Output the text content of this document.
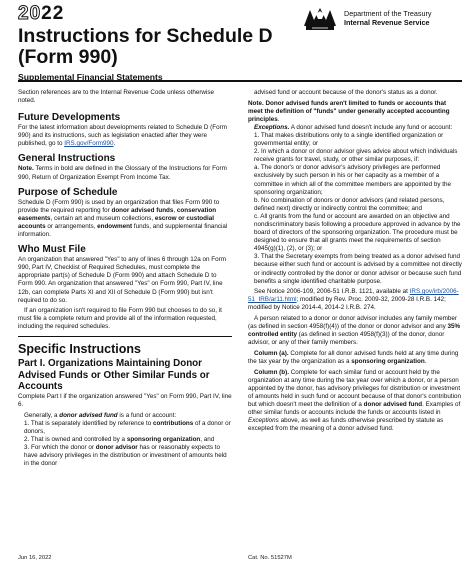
2022
Instructions for Schedule D
(Form 990)
Department of the Treasury
Internal Revenue Service
Supplemental Financial Statements

Section references are to the Internal Revenue Code unless otherwise noted.

Future Developments

For the latest information about developments related to Schedule D (Form 990) and its instructions, such as legislation enacted after they were published, go to IRS.gov/Form990.

General Instructions

Note. Terms in bold are defined in the Glossary of the Instructions for Form 990, Return of Organization Exempt From Income Tax.

Purpose of Schedule

Schedule D (Form 990) is used by an organization that files Form 990 to provide the required reporting for donor advised funds, conservation easements, certain art and museum collections, escrow or custodial accounts or arrangements, endowment funds, and supplemental financial information.

Who Must File

An organization that answered "Yes" to any of lines 6 through 12a on Form 990, Part IV, Checklist of Required Schedules, must complete the appropriate part(s) of Schedule D (Form 990) and attach Schedule D to Form 990. An organization that answered "Yes" on Form 990, Part IV, line 12b, can complete Parts XI and XII of Schedule D (Form 990) but isn't required to do so.

If an organization isn't required to file Form 990 but chooses to do so, it must file a complete return and provide all of the information requested, including the required schedules.

Specific Instructions
Part I. Organizations Maintaining Donor Advised Funds or Other Similar Funds or Accounts

Complete Part I if the organization answered "Yes" on Form 990, Part IV, line 6.

Generally, a donor advised fund is a fund or account:

1. That is separately identified by reference to contributions of a donor or donors,

2. That is owned and controlled by a sponsoring organization, and

3. For which the donor or donor advisor has or reasonably expects to have advisory privileges in the distribution or investment of amounts held in the donor

advised fund or account because of the donor's status as a donor.

Note. Donor advised funds aren't limited to funds or accounts that meet the definition of "funds" under generally accepted accounting principles.

Exceptions. A donor advised fund doesn't include any fund or account:

1. That makes distributions only to a single identified organization or governmental entity; or

2. In which a donor or donor advisor gives advice about which individuals receive grants for travel, study, or other similar purposes, if:

a. The donor's or donor advisor's advisory privileges are performed exclusively by such person in his or her capacity as a member of a committee in which all of the committee members are appointed by the sponsoring organization;

b. No combination of donors or donor advisors (and related persons, defined next) directly or indirectly control the committee; and

c. All grants from the fund or account are awarded on an objective and nondiscriminatory basis following a procedure approved in advance by the board of directors of the sponsoring organization. The procedure must be designed to ensure that all grants meet the requirements of section 4945(g)(1), (2), or (3); or

3. That the Secretary exempts from being treated as a donor advised fund because either such fund or account is advised by a committee not directly or indirectly controlled by the donor or donor advisor or because such fund benefits a single identified charitable purpose.

See Notice 2006-109, 2006-51 I.R.B. 1121, available at IRS.gov/irb/2006-51_IRB/ar11.html; modified by Rev. Proc. 2009-32, 2009-28 I.R.B. 142; modified by Notice 2014-4, 2014-2 I.R.B. 274.

A person related to a donor or donor advisor includes any family member (as defined in section 4958(f)(4)) of the donor or donor advisor and any 35% controlled entity (as defined in section 4958(f)(3)) of the donor, donor advisor, or any of their family members.

Column (a). Complete for all donor advised funds held at any time during the tax year by the organization as a sponsoring organization.

Column (b). Complete for each similar fund or account held by the organization at any time during the tax year over which a donor, or a person appointed by the donor, has advisory privileges for distribution or investment of amounts held in such fund or account because of that donor's contribution but which doesn't meet the definition of a donor advised fund. Examples of other similar funds or accounts include the funds or accounts listed in Exceptions above, as well as funds otherwise prescribed by statute as excepted from the meaning of a donor advised fund.

Jun 16, 2022	Cat. No. 51527M
